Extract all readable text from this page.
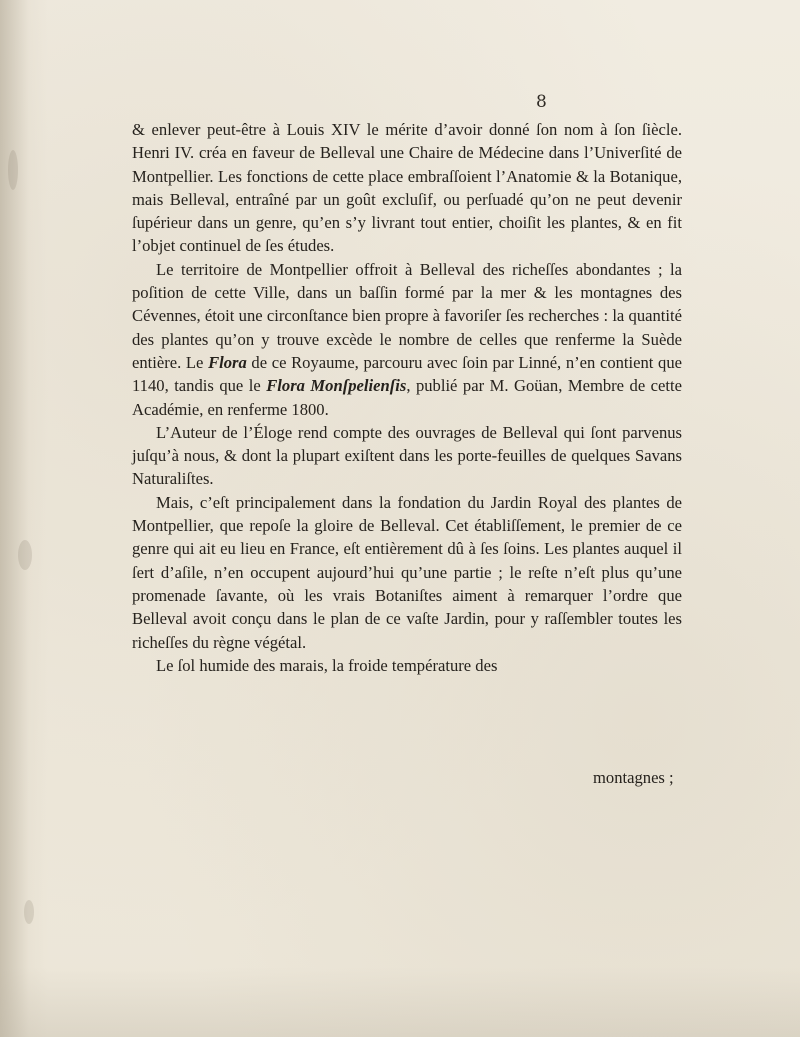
8

& enlever peut-être à Louis XIV le mérite d’avoir donné ſon nom à ſon ſiècle. Henri IV. créa en faveur de Belleval une Chaire de Médecine dans l’Univerſité de Montpellier. Les fonctions de cette place embraſſoient l’Anatomie & la Botanique, mais Belleval, entraîné par un goût excluſif, ou perſuadé qu’on ne peut devenir ſupérieur dans un genre, qu’en s’y livrant tout entier, choiſit les plantes, & en fit l’objet continuel de ſes études.

Le territoire de Montpellier offroit à Belleval des richeſſes abondantes ; la poſition de cette Ville, dans un baſſin formé par la mer & les montagnes des Cévennes, étoit une circonſtance bien propre à favoriſer ſes recherches : la quantité des plantes qu’on y trouve excède le nombre de celles que renferme la Suède entière. Le Flora de ce Royaume, parcouru avec ſoin par Linné, n’en contient que 1140, tandis que le Flora Monſpelienſis, publié par M. Goüan, Membre de cette Académie, en renferme 1800.

L’Auteur de l’Éloge rend compte des ouvrages de Belleval qui ſont parvenus juſqu’à nous, & dont la plupart exiſtent dans les porte-feuilles de quelques Savans Naturaliſtes.

Mais, c’eſt principalement dans la fondation du Jardin Royal des plantes de Montpellier, que repoſe la gloire de Belleval. Cet établiſſement, le premier de ce genre qui ait eu lieu en France, eſt entièrement dû à ſes ſoins. Les plantes auquel il ſert d’aſile, n’en occupent aujourd’hui qu’une partie ; le reſte n’eſt plus qu’une promenade ſavante, où les vrais Botaniſtes aiment à remarquer l’ordre que Belleval avoit conçu dans le plan de ce vaſte Jardin, pour y raſſembler toutes les richeſſes du règne végétal.

Le ſol humide des marais, la froide température des

montagnes ;
